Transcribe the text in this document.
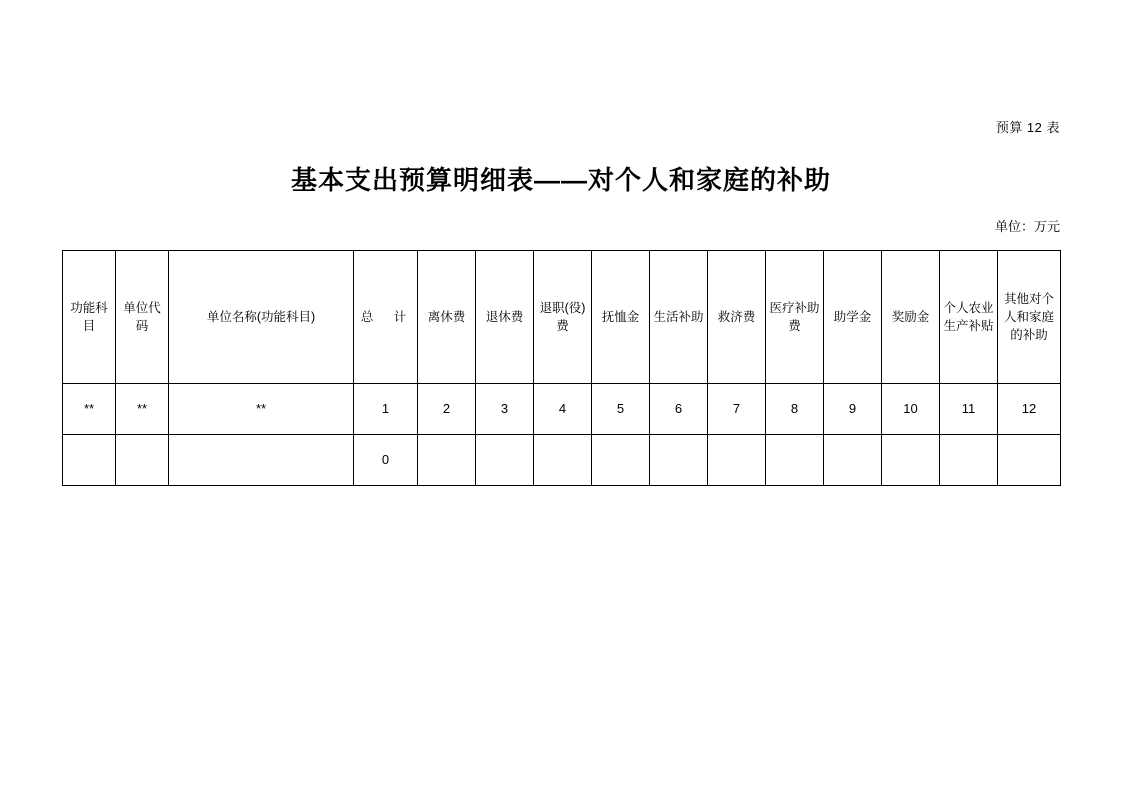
预算 12 表
基本支出预算明细表——对个人和家庭的补助
单位：万元
功能科目	单位代码	单位名称(功能科目)	总　计	离休费	退休费	退职(役)费	抚恤金	生活补助	救济费	医疗补助费	助学金	奖励金	个人农业生产补贴	其他对个人和家庭的补助
**	**	**	1	2	3	4	5	6	7	8	9	10	11	12
			0											
